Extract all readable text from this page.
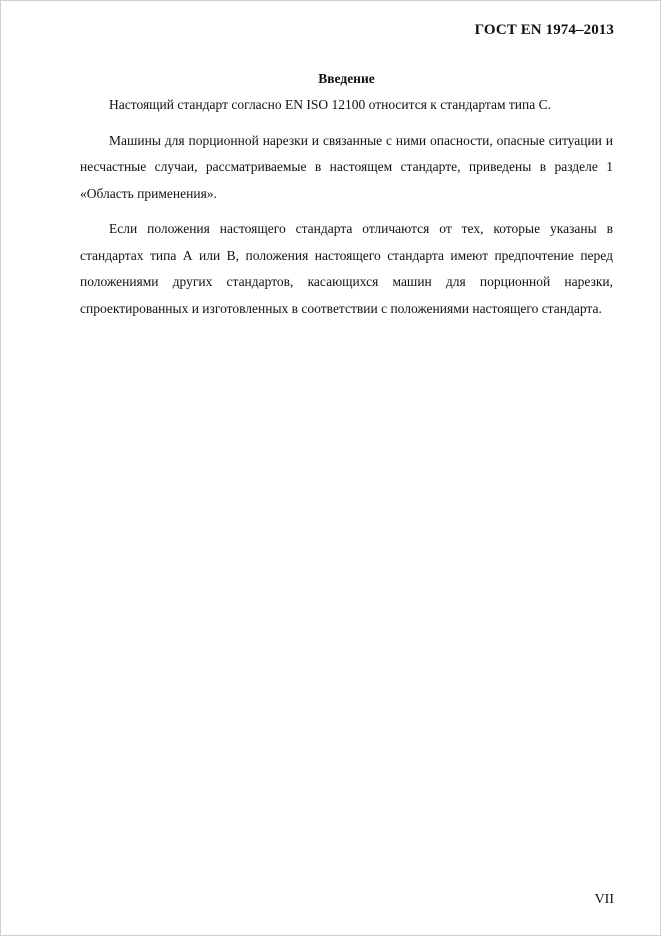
ГОСТ EN 1974–2013
Введение

Настоящий стандарт согласно EN ISO 12100 относится к стандартам типа С.

Машины для порционной нарезки и связанные с ними опасности, опасные ситуации и несчастные случаи, рассматриваемые в настоящем стандарте, приведены в разделе 1 «Область применения».

Если положения настоящего стандарта отличаются от тех, которые указаны в стандартах типа А или В, положения настоящего стандарта имеют предпочтение перед положениями других стандартов, касающихся машин для порционной нарезки, спроектированных и изготовленных в соответствии с положениями настоящего стандарта.

VII
